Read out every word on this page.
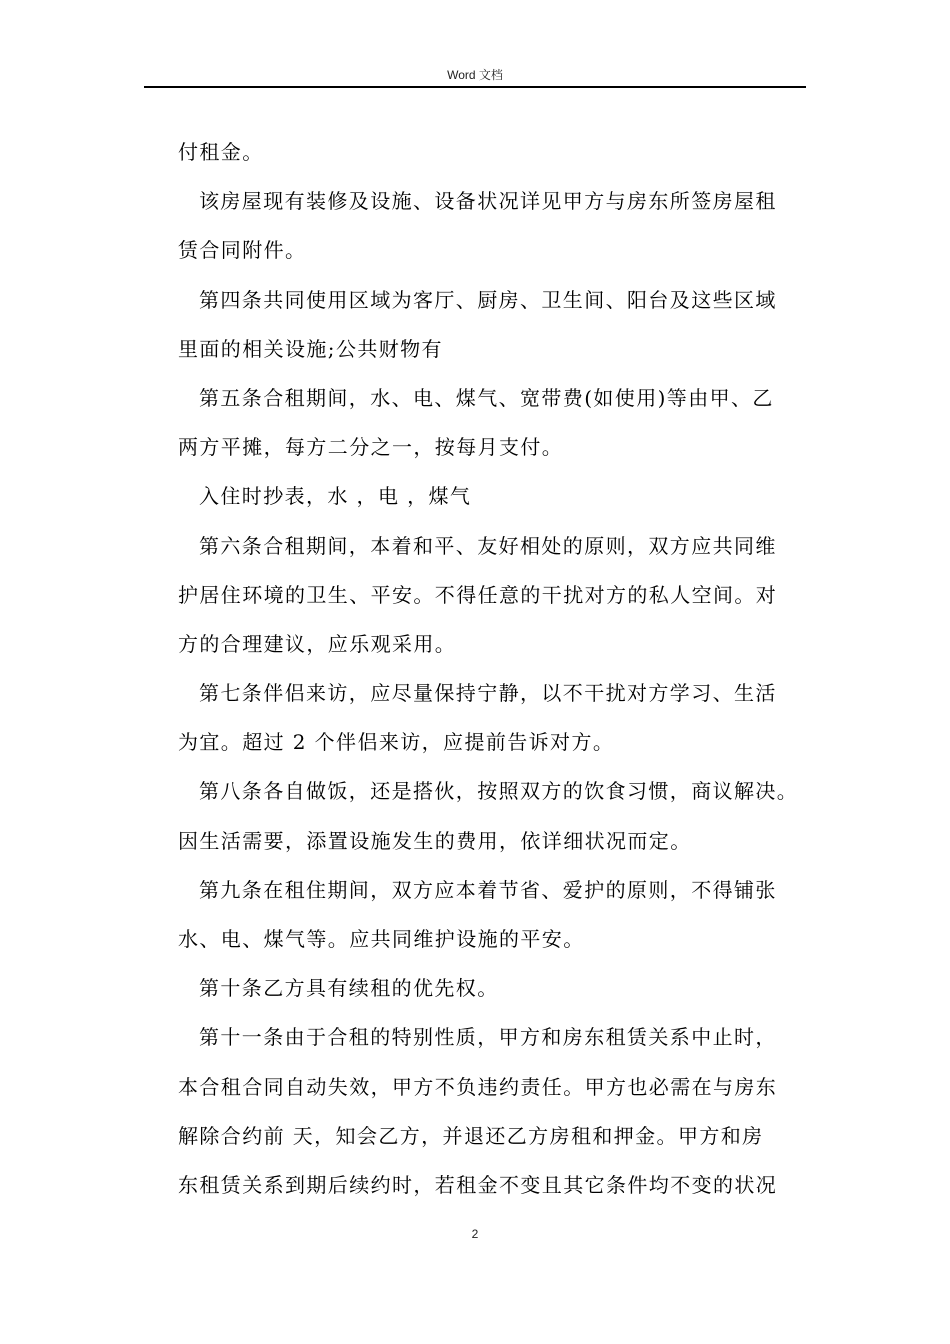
Word 文档
付租金。
该房屋现有装修及设施、设备状况详见甲方与房东所签房屋租
赁合同附件。
第四条共同使用区域为客厅、厨房、卫生间、阳台及这些区域
里面的相关设施;公共财物有
第五条合租期间，水、电、煤气、宽带费(如使用)等由甲、乙
两方平摊，每方二分之一，按每月支付。
入住时抄表，水 ，电 ，煤气
第六条合租期间，本着和平、友好相处的原则，双方应共同维
护居住环境的卫生、平安。不得任意的干扰对方的私人空间。对
方的合理建议，应乐观采用。
第七条伴侣来访，应尽量保持宁静，以不干扰对方学习、生活
为宜。超过 2 个伴侣来访，应提前告诉对方。
第八条各自做饭，还是搭伙，按照双方的饮食习惯，商议解决。
因生活需要，添置设施发生的费用，依详细状况而定。
第九条在租住期间，双方应本着节省、爱护的原则，不得铺张
水、电、煤气等。应共同维护设施的平安。
第十条乙方具有续租的优先权。
第十一条由于合租的特别性质，甲方和房东租赁关系中止时，
本合租合同自动失效，甲方不负违约责任。甲方也必需在与房东
解除合约前 天，知会乙方，并退还乙方房租和押金。甲方和房
东租赁关系到期后续约时，若租金不变且其它条件均不变的状况
2
